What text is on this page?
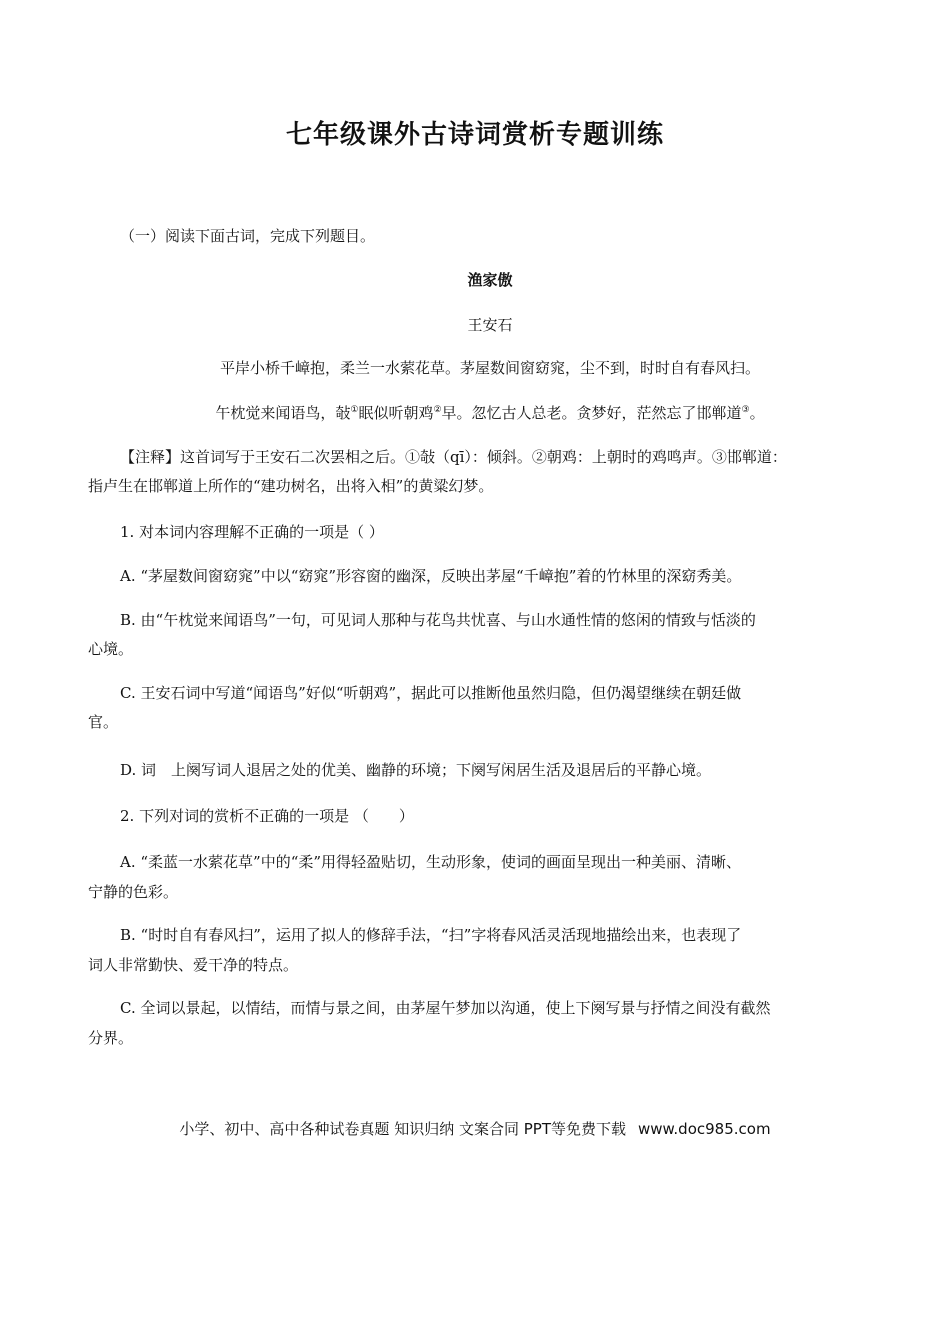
七年级课外古诗词赏析专题训练
（一）阅读下面古词，完成下列题目。
渔家傲
王安石
平岸小桥千嶂抱，柔兰一水萦花草。茅屋数间窗窈窕，尘不到，时时自有春风扫。
午枕觉来闻语鸟，敧①眠似听朝鸡②早。忽忆古人总老。贪梦好，茫然忘了邯郸道③。
【注释】这首词写于王安石二次罢相之后。①敧（qī）：倾斜。②朝鸡：上朝时的鸡鸣声。③邯郸道：
指卢生在邯郸道上所作的“建功树名，出将入相”的黄粱幻梦。
1. 对本词内容理解不正确的一项是（ ）
A. “茅屋数间窗窈窕”中以“窈窕”形容窗的幽深，反映出茅屋“千嶂抱”着的竹林里的深窈秀美。
B. 由“午枕觉来闻语鸟”一句，可见词人那种与花鸟共忧喜、与山水通性情的悠闲的情致与恬淡的
心境。
C. 王安石词中写道“闻语鸟”好似“听朝鸡”，据此可以推断他虽然归隐，但仍渴望继续在朝廷做
官。
D. 词　上阕写词人退居之处的优美、幽静的环境；下阕写闲居生活及退居后的平静心境。
2. 下列对词的赏析不正确的一项是 （　　）
A. “柔蓝一水萦花草”中的“柔”用得轻盈贴切，生动形象，使词的画面呈现出一种美丽、清晰、
宁静的色彩。
B. “时时自有春风扫”，运用了拟人的修辞手法，“扫”字将春风活灵活现地描绘出来，也表现了
词人非常勤快、爱干净的特点。
C. 全词以景起，以情结，而情与景之间，由茅屋午梦加以沟通，使上下阕写景与抒情之间没有截然
分界。
小学、初中、高中各种试卷真题 知识归纳 文案合同 PPT等免费下载 www.doc985.com
